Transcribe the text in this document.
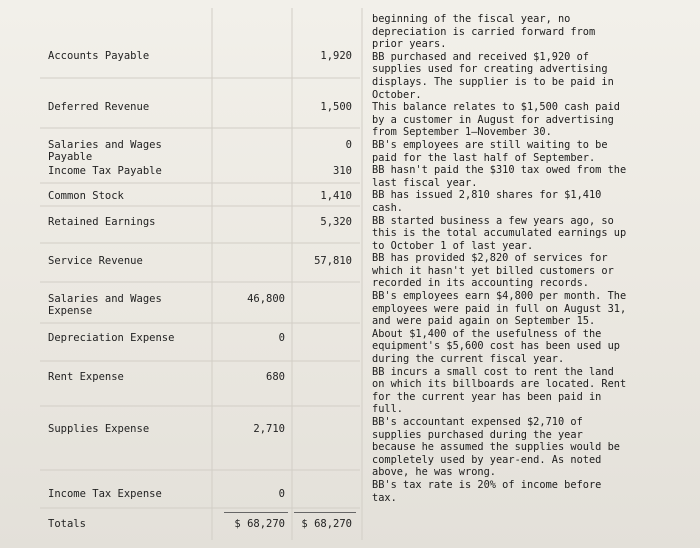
Accounts Payable
Deferred Revenue
Salaries and Wages
Payable
Income Tax Payable
Common Stock
Retained Earnings
Service Revenue
Salaries and Wages
Expense
Depreciation Expense
Rent Expense
Supplies Expense
Income Tax Expense
Totals
1,920
1,500
0
310
1,410
5,320
57,810
46,800
0
680
2,710
0
$ 68,270	$ 68,270
beginning of the fiscal year, no
depreciation is carried forward from
prior years.
BB purchased and received $1,920 of
supplies used for creating advertising
displays. The supplier is to be paid in
October.
This balance relates to $1,500 cash paid
by a customer in August for advertising
from September 1–November 30.
BB's employees are still waiting to be
paid for the last half of September.
BB hasn't paid the $310 tax owed from the
last fiscal year.
BB has issued 2,810 shares for $1,410
cash.
BB started business a few years ago, so
this is the total accumulated earnings up
to October 1 of last year.
BB has provided $2,820 of services for
which it hasn't yet billed customers or
recorded in its accounting records.
BB's employees earn $4,800 per month. The
employees were paid in full on August 31,
and were paid again on September 15.
About $1,400 of the usefulness of the
equipment's $5,600 cost has been used up
during the current fiscal year.
BB incurs a small cost to rent the land
on which its billboards are located. Rent
for the current year has been paid in
full.
BB's accountant expensed $2,710 of
supplies purchased during the year
because he assumed the supplies would be
completely used by year-end. As noted
above, he was wrong.
BB's tax rate is 20% of income before
tax.
